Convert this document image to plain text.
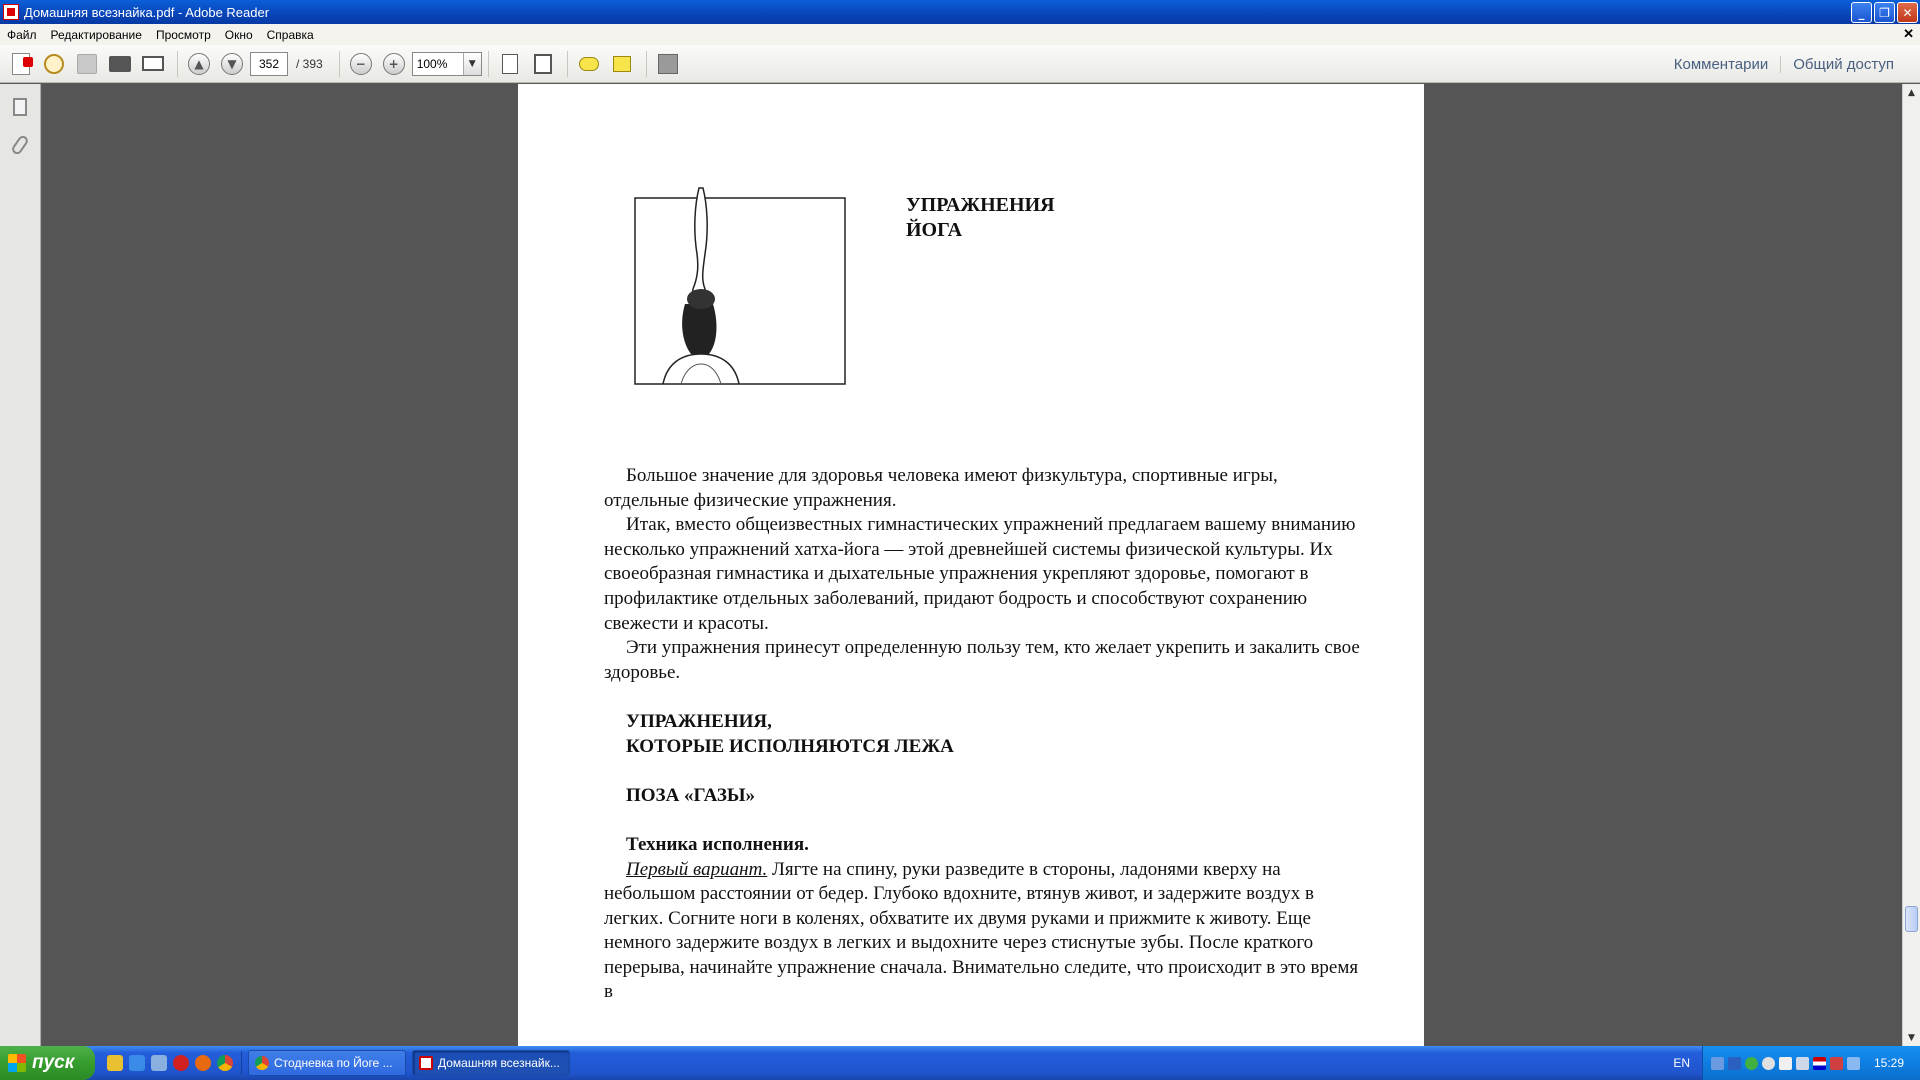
Домашняя всезнайка.pdf - Adobe Reader	_	❐	✕
Файл	Редактирование	Просмотр	Окно	Справка	✕
▲	▼	352	/ 393	−	+	100%	▼	Комментарии	Общий доступ
УПРАЖНЕНИЯ
ЙОГА

Большое значение для здоровья человека имеют физкультура, спортивные игры, отдельные физические упражнения.

Итак, вместо общеизвестных гимнастических упражнений предлагаем вашему вниманию несколько упражнений хатха-йога — этой древнейшей системы физической культуры. Их своеобразная гимнастика и дыхательные упражнения укрепляют здоровье, помогают в профилактике отдельных заболеваний, придают бодрость и способствуют сохранению свежести и красоты.

Эти упражнения принесут определенную пользу тем, кто желает укрепить и закалить свое здоровье.

УПРАЖНЕНИЯ,

КОТОРЫЕ ИСПОЛНЯЮТСЯ ЛЕЖА

ПОЗА «ГАЗЫ»

Техника исполнения.

Первый вариант. Лягте на спину, руки разведите в стороны, ладонями кверху на небольшом расстоянии от бедер. Глубоко вдохните, втянув живот, и задержите воздух в легких. Согните ноги в коленях, обхватите их двумя руками и прижмите к животу. Еще немного задержите воздух в легких и выдохните через стиснутые зубы. После краткого перерыва, начинайте упражнение сначала. Внимательно следите, что происходит в это время в

▲
▼
пуск	Стодневка по Йоге ...	Домашняя всезнайк...	EN	15:29
